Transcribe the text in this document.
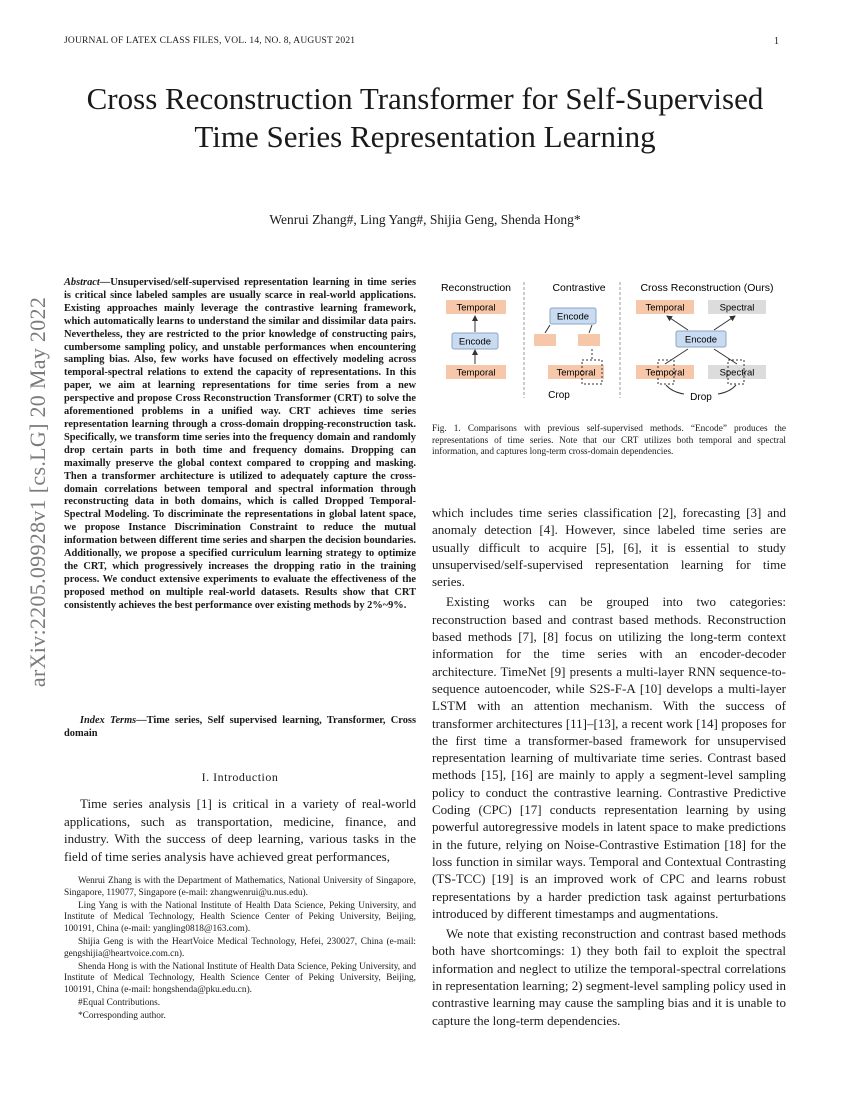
JOURNAL OF LATEX CLASS FILES, VOL. 14, NO. 8, AUGUST 2021	1
Cross Reconstruction Transformer for Self-Supervised Time Series Representation Learning
Wenrui Zhang#, Ling Yang#, Shijia Geng, Shenda Hong*
arXiv:2205.09928v1 [cs.LG] 20 May 2022
Abstract—Unsupervised/self-supervised representation learning in time series is critical since labeled samples are usually scarce in real-world applications. Existing approaches mainly leverage the contrastive learning framework, which automatically learns to understand the similar and dissimilar data pairs. Nevertheless, they are restricted to the prior knowledge of constructing pairs, cumbersome sampling policy, and unstable performances when encountering sampling bias. Also, few works have focused on effectively modeling across temporal-spectral relations to extend the capacity of representations. In this paper, we aim at learning representations for time series from a new perspective and propose Cross Reconstruction Transformer (CRT) to solve the aforementioned problems in a unified way. CRT achieves time series representation learning through a cross-domain dropping-reconstruction task. Specifically, we transform time series into the frequency domain and randomly drop certain parts in both time and frequency domains. Dropping can maximally preserve the global context compared to cropping and masking. Then a transformer architecture is utilized to adequately capture the cross-domain correlations between temporal and spectral information through reconstructing data in both domains, which is called Dropped Temporal-Spectral Modeling. To discriminate the representations in global latent space, we propose Instance Discrimination Constraint to reduce the mutual information between different time series and sharpen the decision boundaries. Additionally, we propose a specified curriculum learning strategy to optimize the CRT, which progressively increases the dropping ratio in the training process. We conduct extensive experiments to evaluate the effectiveness of the proposed method on multiple real-world datasets. Results show that CRT consistently achieves the best performance over existing methods by 2%~9%.
Index Terms—Time series, Self supervised learning, Transformer, Cross domain
I. Introduction

Time series analysis [1] is critical in a variety of real-world applications, such as transportation, medicine, finance, and industry. With the success of deep learning, various tasks in the field of time series analysis have achieved great performances,

Wenrui Zhang is with the Department of Mathematics, National University of Singapore, Singapore, 119077, Singapore (e-mail: zhangwenrui@u.nus.edu).

Ling Yang is with the National Institute of Health Data Science, Peking University, and Institute of Medical Technology, Health Science Center of Peking University, Beijing, 100191, China (e-mail: yangling0818@163.com).

Shijia Geng is with the HeartVoice Medical Technology, Hefei, 230027, China (e-mail: gengshijia@heartvoice.com.cn).

Shenda Hong is with the National Institute of Health Data Science, Peking University, and Institute of Medical Technology, Health Science Center of Peking University, Beijing, 100191, China (e-mail: hongshenda@pku.edu.cn).

#Equal Contributions.

*Corresponding author.

Reconstruction	Contrastive	Cross Reconstruction (Ours)
Temporal
Encode
Temporal
Encode
Temporal
Crop
Temporal	Spectral
Encode
Temporal	Spectral
Drop
Fig. 1. Comparisons with previous self-supervised methods. “Encode” produces the representations of time series. Note that our CRT utilizes both temporal and spectral information, and captures long-term cross-domain dependencies.

which includes time series classification [2], forecasting [3] and anomaly detection [4]. However, since labeled time series are usually difficult to acquire [5], [6], it is essential to study unsupervised/self-supervised representation learning for time series.

Existing works can be grouped into two categories: reconstruction based and contrast based methods. Reconstruction based methods [7], [8] focus on utilizing the long-term context information for the time series with an encoder-decoder architecture. TimeNet [9] presents a multi-layer RNN sequence-to-sequence autoencoder, while S2S-F-A [10] develops a multi-layer LSTM with an attention mechanism. With the success of transformer architectures [11]–[13], a recent work [14] proposes for the first time a transformer-based framework for unsupervised representation learning of multivariate time series. Contrast based methods [15], [16] are mainly to apply a segment-level sampling policy to conduct the contrastive learning. Contrastive Predictive Coding (CPC) [17] conducts representation learning by using powerful autoregressive models in latent space to make predictions in the future, relying on Noise-Contrastive Estimation [18] for the loss function in similar ways. Temporal and Contextual Contrasting (TS-TCC) [19] is an improved work of CPC and learns robust representations by a harder prediction task against perturbations introduced by different timestamps and augmentations.

We note that existing reconstruction and contrast based methods both have shortcomings: 1) they both fail to exploit the spectral information and neglect to utilize the temporal-spectral correlations in representation learning; 2) segment-level sampling policy used in contrastive learning may cause the sampling bias and it is unable to capture the long-term dependencies.
